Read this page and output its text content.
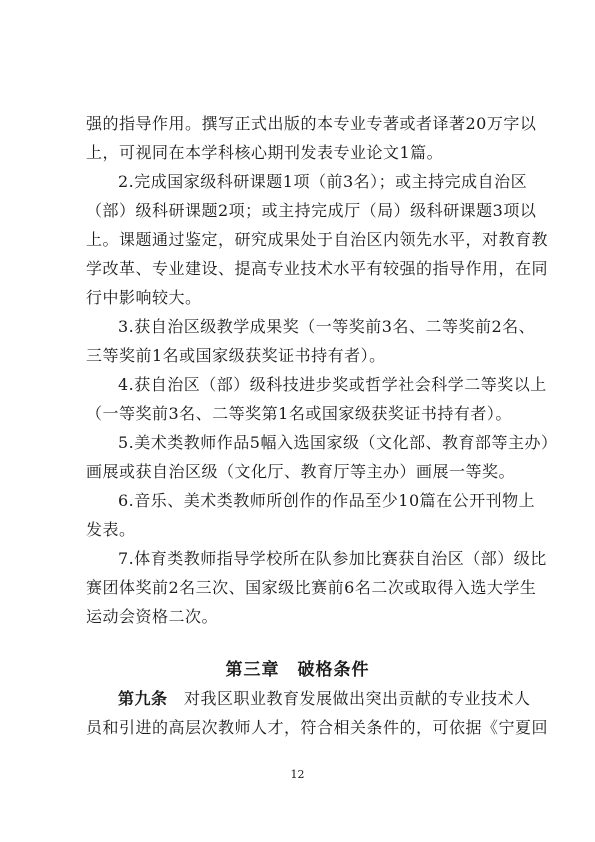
强的指导作用。撰写正式出版的本专业专著或者译著20万字以
上，可视同在本学科核心期刊发表专业论文1篇。
2.完成国家级科研课题1项（前3名）；或主持完成自治区
（部）级科研课题2项；或主持完成厅（局）级科研课题3项以
上。课题通过鉴定，研究成果处于自治区内领先水平，对教育教
学改革、专业建设、提高专业技术水平有较强的指导作用，在同
行中影响较大。
3.获自治区级教学成果奖（一等奖前3名、二等奖前2名、
三等奖前1名或国家级获奖证书持有者）。
4.获自治区（部）级科技进步奖或哲学社会科学二等奖以上
（一等奖前3名、二等奖第1名或国家级获奖证书持有者）。
5.美术类教师作品5幅入选国家级（文化部、教育部等主办）
画展或获自治区级（文化厅、教育厅等主办）画展一等奖。
6.音乐、美术类教师所创作的作品至少10篇在公开刊物上
发表。
7.体育类教师指导学校所在队参加比赛获自治区（部）级比
赛团体奖前2名三次、国家级比赛前6名二次或取得入选大学生
运动会资格二次。
第三章　破格条件
第九条　 对我区职业教育发展做出突出贡献的专业技术人
员和引进的高层次教师人才，符合相关条件的，可依据《宁夏回
12
